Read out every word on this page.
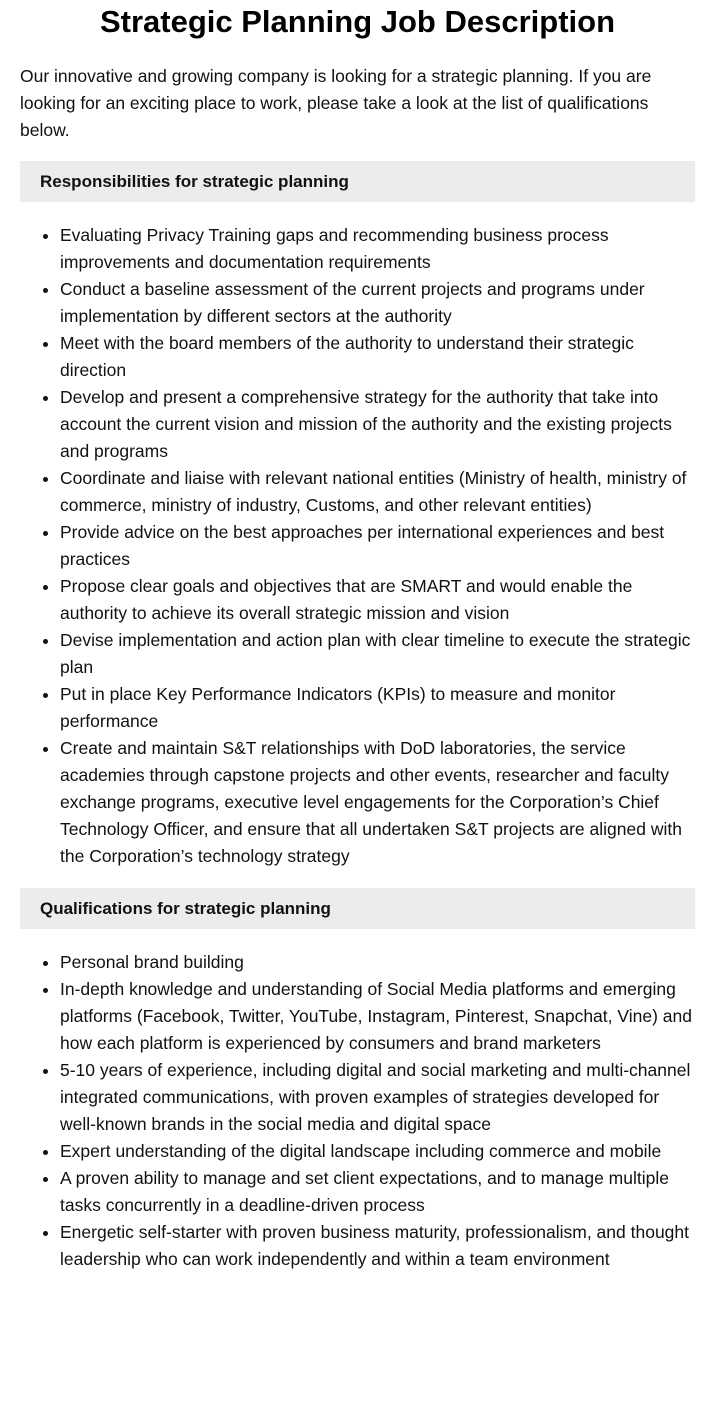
Strategic Planning Job Description

Our innovative and growing company is looking for a strategic planning. If you are looking for an exciting place to work, please take a look at the list of qualifications below.

Responsibilities for strategic planning
Evaluating Privacy Training gaps and recommending business process improvements and documentation requirements
Conduct a baseline assessment of the current projects and programs under implementation by different sectors at the authority
Meet with the board members of the authority to understand their strategic direction
Develop and present a comprehensive strategy for the authority that take into account the current vision and mission of the authority and the existing projects and programs
Coordinate and liaise with relevant national entities (Ministry of health, ministry of commerce, ministry of industry, Customs, and other relevant entities)
Provide advice on the best approaches per international experiences and best practices
Propose clear goals and objectives that are SMART and would enable the authority to achieve its overall strategic mission and vision
Devise implementation and action plan with clear timeline to execute the strategic plan
Put in place Key Performance Indicators (KPIs) to measure and monitor performance
Create and maintain S&T relationships with DoD laboratories, the service academies through capstone projects and other events, researcher and faculty exchange programs, executive level engagements for the Corporation’s Chief Technology Officer, and ensure that all undertaken S&T projects are aligned with the Corporation’s technology strategy
Qualifications for strategic planning
Personal brand building
In-depth knowledge and understanding of Social Media platforms and emerging platforms (Facebook, Twitter, YouTube, Instagram, Pinterest, Snapchat, Vine) and how each platform is experienced by consumers and brand marketers
5-10 years of experience, including digital and social marketing and multi-channel integrated communications, with proven examples of strategies developed for well-known brands in the social media and digital space
Expert understanding of the digital landscape including commerce and mobile
A proven ability to manage and set client expectations, and to manage multiple tasks concurrently in a deadline-driven process
Energetic self-starter with proven business maturity, professionalism, and thought leadership who can work independently and within a team environment
